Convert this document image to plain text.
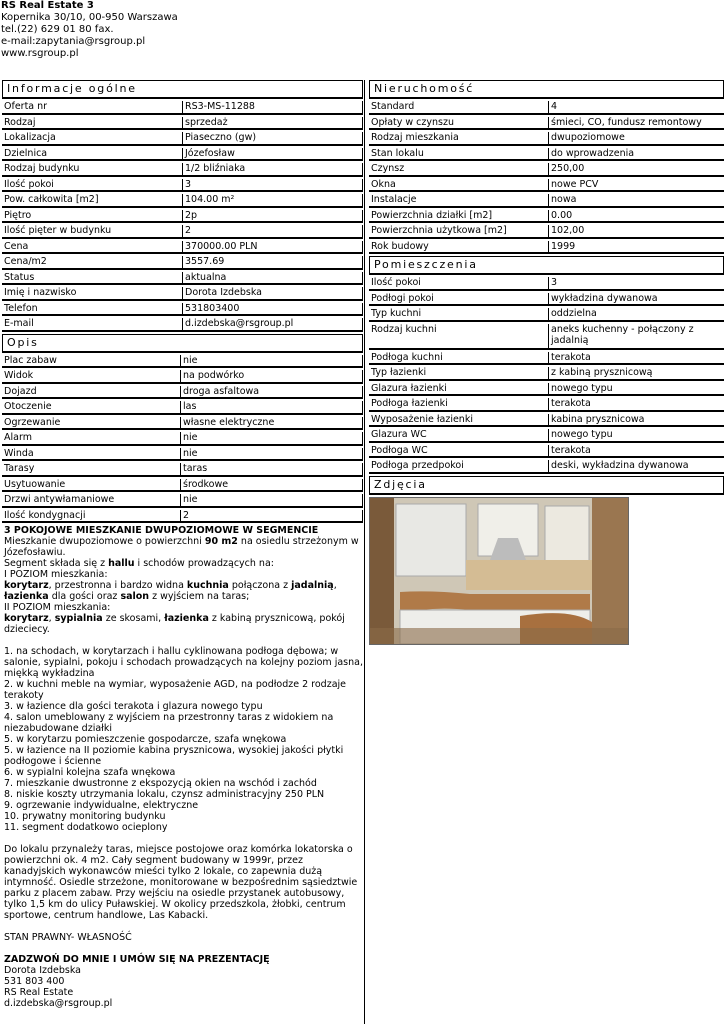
RS Real Estate 3
Kopernika 30/10, 00-950 Warszawa
tel.(22) 629 01 80 fax.
e-mail:zapytania@rsgroup.pl
www.rsgroup.pl
Informacje ogólne
Oferta nr	RS3-MS-11288
Rodzaj	sprzedaż
Lokalizacja	Piaseczno (gw)
Dzielnica	Józefosław
Rodzaj budynku	1/2 bliźniaka
Ilość pokoi	3
Pow. całkowita [m2]	104.00 m²
Piętro	2p
Ilość pięter w budynku	2
Cena	370000.00 PLN
Cena/m2	3557.69
Status	aktualna
Imię i nazwisko	Dorota Izdebska
Telefon	531803400
E-mail	d.izdebska@rsgroup.pl
Opis
Plac zabaw	nie
Widok	na podwórko
Dojazd	droga asfaltowa
Otoczenie	las
Ogrzewanie	własne elektryczne
Alarm	nie
Winda	nie
Tarasy	taras
Usytuowanie	środkowe
Drzwi antywłamaniowe	nie
Ilość kondygnacji	2

3 POKOJOWE MIESZKANIE DWUPOZIOMOWE W SEGMENCIE

Mieszkanie dwupoziomowe o powierzchni 90 m2 na osiedlu strzeżonym w Józefosławiu.

Segment składa się z hallu i schodów prowadzących na:

I POZIOM mieszkania:

korytarz, przestronna i bardzo widna kuchnia połączona z jadalnią,
łazienka dla gości oraz salon z wyjściem na taras;

II POZIOM mieszkania:

korytarz, sypialnia ze skosami, łazienka z kabiną prysznicową, pokój dzieciecy.

1. na schodach, w korytarzach i hallu cyklinowana podłoga dębowa; w salonie, sypialni, pokoju i schodach prowadzących na kolejny poziom jasna, miękką wykładzina

2. w kuchni meble na wymiar, wyposażenie AGD, na podłodze 2 rodzaje terakoty

3. w łazience dla gości terakota i glazura nowego typu

4. salon umeblowany z wyjściem na przestronny taras z widokiem na niezabudowane działki

5. w korytarzu pomieszczenie gospodarcze, szafa wnękowa

5. w łazience na II poziomie kabina prysznicowa, wysokiej jakości płytki podłogowe i ścienne

6. w sypialni kolejna szafa wnękowa

7. mieszkanie dwustronne z ekspozycją okien na wschód i zachód

8. niskie koszty utrzymania lokalu, czynsz administracyjny 250 PLN

9. ogrzewanie indywidualne, elektryczne

10. prywatny monitoring budynku

11. segment dodatkowo ocieplony

Do lokalu przynależy taras, miejsce postojowe oraz komórka lokatorska o powierzchni ok. 4 m2. Cały segment budowany w 1999r, przez kanadyjskich wykonawców mieści tylko 2 lokale, co zapewnia dużą intymność. Osiedle strzeżone, monitorowane w bezpośrednim sąsiedztwie parku z placem zabaw. Przy wejściu na osiedle przystanek autobusowy, tylko 1,5 km do ulicy Puławskiej. W okolicy przedszkola, żłobki, centrum sportowe, centrum handlowe, Las Kabacki.

STAN PRAWNY- WŁASNOŚĆ

ZADZWOŃ DO MNIE I UMÓW SIĘ NA PREZENTACJĘ

Dorota Izdebska

531 803 400

RS Real Estate

d.izdebska@rsgroup.pl

Nieruchomość
Standard	4
Opłaty w czynszu	śmieci, CO, fundusz remontowy
Rodzaj mieszkania	dwupoziomowe
Stan lokalu	do wprowadzenia
Czynsz	250,00
Okna	nowe PCV
Instalacje	nowa
Powierzchnia działki [m2]	0.00
Powierzchnia użytkowa [m2]	102,00
Rok budowy	1999
Pomieszczenia
Ilość pokoi	3
Podłogi pokoi	wykładzina dywanowa
Typ kuchni	oddzielna
Rodzaj kuchni	aneks kuchenny - połączony z jadalnią
Podłoga kuchni	terakota
Typ łazienki	z kabiną prysznicową
Glazura łazienki	nowego typu
Podłoga łazienki	terakota
Wyposażenie łazienki	kabina prysznicowa
Glazura WC	nowego typu
Podłoga WC	terakota
Podłoga przedpokoi	deski, wykładzina dywanowa
Zdjęcia
